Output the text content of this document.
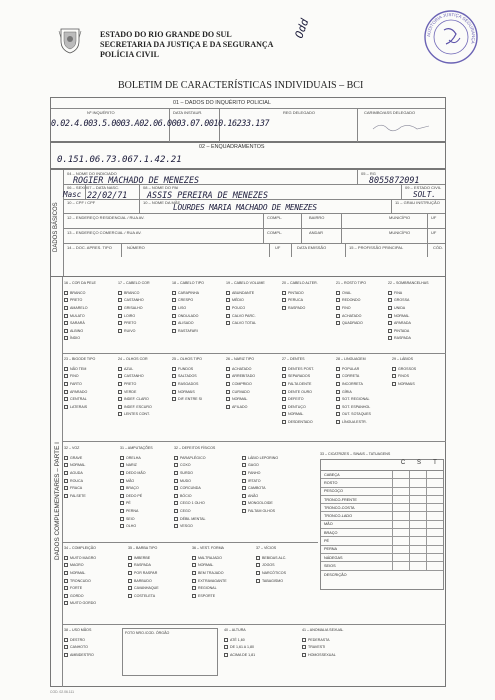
ESTADO DO RIO GRANDE DO SUL
SECRETARIA DA JUSTIÇA E DA SEGURANÇA
POLÍCIA CIVIL
Odd	AUDITORIA JUSTIÇA SEGURANÇA
BOLETIM DE CARACTERÍSTICAS INDIVIDUAIS – BCI
01 – DADOS DO INQUÉRITO POLICIAL
Nº INQUÉRITO	DATA INSTAUR.	REG DELEGADO	CARIMBO/ASS DELEGADO
0.02.4.003.5.0003.A02.06.0003.07.0010.16233.137
02 – ENQUADRAMENTOS
0.151.06.73.067.1.42.21
DADOS BÁSICOS
04 – NOME DO INDICIADO	05 – RG
ROGIER MACHADO DE MENEZES	8055872091
06 – SEXO 07 – DATA NASC.	08 – NOME DO PAI	09 – ESTADO CIVIL
Masc 22/02/71 ASSIS PEREIRA DE MENEZES	SOLT.
10 – CPF / CPF	10 – NOME DA MÃE	11 – GRAU INSTRUÇÃO
LOURDES MARIA MACHADO DE MENEZES
12 – ENDEREÇO RESIDENCIAL / RUA AV.	COMPL.	BAIRRO	MUNICÍPIO	UF
13 – ENDEREÇO COMERCIAL / RUA AV.	COMPL.	ANDAR	MUNICÍPIO	UF
14 – DOC. APRES. TIPO	NÚMERO	UF	DATA EMISSÃO	15 – PROFISSÃO PRINCIPAL	CÓD.
DADOS COMPLEMENTARES – PARTE I
16 – COR DA PELE
BRANCO
PRETO
AMARELO
MULATO
SARARÁ
ALBINO
ÍNDIO
17 – CABELO COR
BRANCO
CASTANHO
GRISALHO
LOIRO
PRETO
RUIVO
18 – CABELO TIPO
CARAPINHA
CRESPO
LISO
ONDULADO
ALISADO
RASTAFARI
19 – CABELO VOLUME
ABUNDANTE
MÉDIO
POUCO
CALVO PARC.
CALVO TOTAL
20 – CABELO ALTER.
PINTADO
PERUCA
RASPADO
21 – ROSTO TIPO
OVAL
REDONDO
FINO
ACHATADO
QUADRADO
22 – SOMBRANCELHAS
FINA
GROSSA
UNIDA
NORMAL
APARADA
PINTADA
RASPADA
23 – BIGODE TIPO
NÃO TEM
FINO
FARTO
APARADO
CENTRAL
LATERAIS
24 – OLHOS COR
AZUL
CASTANHO
PRETO
VERDE
INDEF. CLARO
INDEF. ESCURO
LENTES CONT.
25 – OLHOS TIPO
FUNDOS
SALTADOS
RASGADOS
NORMAIS
DIF. ENTRE SI
26 – NARIZ TIPO
ACHATADO
ARREBITADO
COMPRIDO
CURVADO
NORMAL
AFILADO
27 – DENTES
DENTES POST.
SEPARADOS
FALTA DENTE
DENTE OURO
DEFEITO
DENTUÇO
NORMAL
DESDENTADO
28 – LINGUAGEM
POPULAR
CORRETA
INCORRETA
GÍRIA
SOT. REGIONAL
SOT. ESPANHOL
OUT. SOTAQUES
LÍNGUA ESTR.
29 – LÁBIOS
GROSSOS
FINOS
NORMAIS
32 – VOZ
GRAVE
NORMAL
AGUDA
ROUCA
FRACA
FALSETE
31 – AMPUTAÇÕES
ORELHA
NARIZ
DEDO MÃO
MÃO
BRAÇO
DEDO PÉ
PÉ
PERNA
SEIO
OLHO
32 – DEFEITOS FÍSICOS
PARAPLÉGICO
COXO
SURDO
MUDO
CORCUNDA
BÓCIO
CEGO 1 OLHO
CEGO
DÉBIL MENTAL
VESGO
LÁBIO LEPORINO
GAGO
FANHO
IRTATO
CAMBOTA
ANÃO
MONGOLOIDE
FALTAM OLHOS
33 – CICATRIZES – SINAIS – TATUAGENS
C	S	T
CABEÇA
ROSTO
PESCOÇO
TRONCO-FRENTE
TRONCO-COSTA
TRONCO-LADO
MÃO
BRAÇO
PÉ
PERNA
NÁDEGAS
SEIOS
DESCRIÇÃO
34 – COMPLEIÇÃO
MUITO MAGRO
MAGRO
NORMAL
TRONCUDO
FORTE
GORDO
MUITO GORDO
35 – BARBA TIPO
IMBERBE
RASPADA
POR RASPAR
BARBUDO
CAVANHAQUE
COSTELETA
36 – VEST. FORMA
MALTRAJADO
NORMAL
BEM TRAJADO
EXTRAVAGANTE
REGIONAL
ESPORTE
37 – VÍCIOS
BEBIDAS ALC.
JOGOS
NARCÓTICOS
TABAGISMO
38 – USO MÃOS
DESTRO
CANHOTO
AMBIDESTRO
FOTO NRO./COD. ÓRGÃO
40 – ALTURA
ATÉ 1,60
DE 1,61 A 1,80
ACIMA DE 1,81
41 – ANOMALIA SEXUAL
PEDERASTA
TRAVESTI
HOMOSSEXUAL
COD. 02.06.111
